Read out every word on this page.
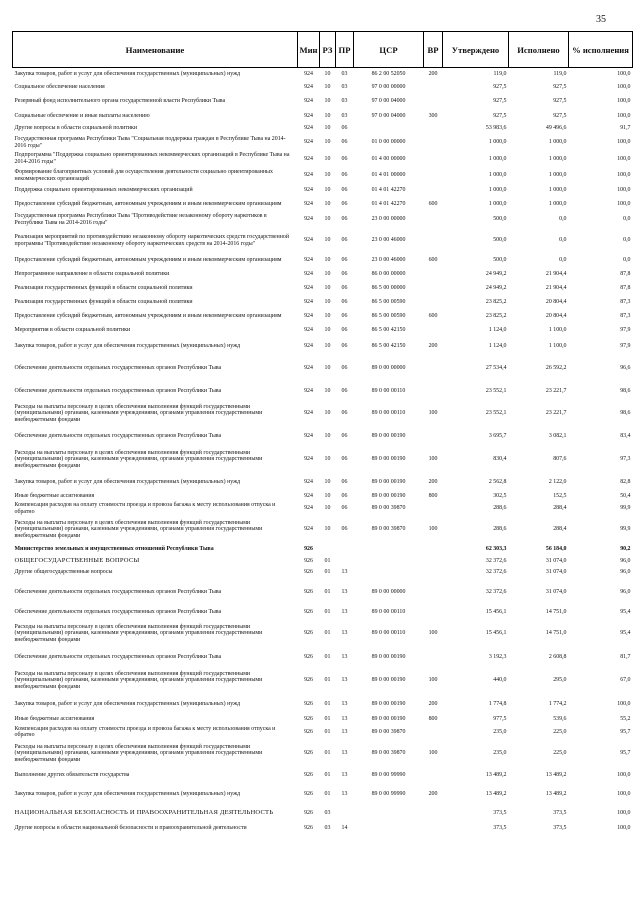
35
Наименование	Мин	РЗ	ПР	ЦСР	ВР	Утверждено	Исполнено	% исполнения
Закупка товаров, работ и услуг для обеспечения государственных (муниципальных) нужд	924	10	03	86 2 00 52050	200	119,0	119,0	100,0
Социальное обеспечение населения	924	10	03	97 0 00 00000		927,5	927,5	100,0
Резервный фонд исполнительного органа государственной власти Республики Тыва	924	10	03	97 0 00 04000		927,5	927,5	100,0
Социальные обеспечение и иные выплаты населению	924	10	03	97 0 00 04000	300	927,5	927,5	100,0
Другие вопросы в области социальной политики	924	10	06			53 983,6	49 496,6	91,7
Государственная программа Республики Тыва "Социальная поддержка граждан в Республике Тыва на 2014-2016 годы"	924	10	06	01 0 00 00000		1 000,0	1 000,0	100,0
Подпрограмма "Поддержка социально ориентированных некоммерческих организаций в Республике Тыва на 2014-2016 годы"	924	10	06	01 4 00 00000		1 000,0	1 000,0	100,0
Формирование благоприятных условий для осуществления деятельности социально ориентированных некоммерческих организаций	924	10	06	01 4 01 00000		1 000,0	1 000,0	100,0
Поддержка социально ориентированных некоммерческих организаций	924	10	06	01 4 01 42270		1 000,0	1 000,0	100,0
Предоставление субсидий бюджетным, автономным учреждениям и иным некоммерческим организациям	924	10	06	01 4 01 42270	600	1 000,0	1 000,0	100,0
Государственная программа Республики Тыва "Противодействие незаконному обороту наркотиков в Республике Тыва на 2014-2016 годы"	924	10	06	23 0 00 00000		500,0	0,0	0,0
Реализация мероприятий по противодействию незаконному обороту наркотических средств государственной программы "Противодействие незаконному обороту наркотических средств на 2014-2016 годы"	924	10	06	23 0 00 46000		500,0	0,0	0,0
Предоставление субсидий бюджетным, автономным учреждениям и иным некоммерческим организациям	924	10	06	23 0 00 46000	600	500,0	0,0	0,0
Непрограммное направление в области социальной политики	924	10	06	86 0 00 00000		24 949,2	21 904,4	87,8
Реализация государственных функций в области социальной политики	924	10	06	86 5 00 00000		24 949,2	21 904,4	87,8
Реализация государственных функций в области социальной политики	924	10	06	86 5 00 00590		23 825,2	20 804,4	87,3
Предоставление субсидий бюджетным, автономным учреждениям и иным некоммерческим организациям	924	10	06	86 5 00 00590	600	23 825,2	20 804,4	87,3
Мероприятия в области социальной политики	924	10	06	86 5 00 42150		1 124,0	1 100,0	97,9
Закупка товаров, работ и услуг для обеспечения государственных (муниципальных) нужд	924	10	06	86 5 00 42150	200	1 124,0	1 100,0	97,9
Обеспечение деятельности отдельных государственных органов Республики Тыва	924	10	06	89 0 00 00000		27 534,4	26 592,2	96,6
Обеспечение деятельности отдельных государственных органов Республики Тыва	924	10	06	89 0 00 00110		23 552,1	23 221,7	98,6
Расходы на выплаты персоналу в целях обеспечения выполнения функций государственными (муниципальными) органами, казенными учреждениями, органами управления государственными внебюджетными фондами	924	10	06	89 0 00 00110	100	23 552,1	23 221,7	98,6
Обеспечение деятельности отдельных государственных органов Республики Тыва	924	10	06	89 0 00 00190		3 695,7	3 082,1	83,4
Расходы на выплаты персоналу в целях обеспечения выполнения функций государственными (муниципальными) органами, казенными учреждениями, органами управления государственными внебюджетными фондами	924	10	06	89 0 00 00190	100	830,4	807,6	97,3
Закупка товаров, работ и услуг для обеспечения государственных (муниципальных) нужд	924	10	06	89 0 00 00190	200	2 562,8	2 122,0	82,8
Иные бюджетные ассигнования	924	10	06	89 0 00 00190	800	302,5	152,5	50,4
Компенсация расходов на оплату стоимости проезда и провоза багажа к месту использования отпуска и обратно	924	10	06	89 0 00 39870		288,6	288,4	99,9
Расходы на выплаты персоналу в целях обеспечения выполнения функций государственными (муниципальными) органами, казенными учреждениями, органами управления государственными внебюджетными фондами	924	10	06	89 0 00 39870	100	288,6	288,4	99,9
Министерство земельных и имущественных отношений Республики Тыва	926					62 303,3	56 184,0	90,2
ОБЩЕГОСУДАРСТВЕННЫЕ ВОПРОСЫ	926	01				32 372,6	31 074,0	96,0
Другие общегосударственные вопросы	926	01	13			32 372,6	31 074,0	96,0
Обеспечение деятельности отдельных государственных органов Республики Тыва	926	01	13	89 0 00 00000		32 372,6	31 074,0	96,0
Обеспечение деятельности отдельных государственных органов Республики Тыва	926	01	13	89 0 00 00110		15 456,1	14 751,0	95,4
Расходы на выплаты персоналу в целях обеспечения выполнения функций государственными (муниципальными) органами, казенными учреждениями, органами управления государственными внебюджетными фондами	926	01	13	89 0 00 00110	100	15 456,1	14 751,0	95,4
Обеспечение деятельности отдельных государственных органов Республики Тыва	926	01	13	89 0 00 00190		3 192,3	2 608,8	81,7
Расходы на выплаты персоналу в целях обеспечения выполнения функций государственными (муниципальными) органами, казенными учреждениями, органами управления государственными внебюджетными фондами	926	01	13	89 0 00 00190	100	440,0	295,0	67,0
Закупка товаров, работ и услуг для обеспечения государственных (муниципальных) нужд	926	01	13	89 0 00 00190	200	1 774,8	1 774,2	100,0
Иные бюджетные ассигнования	926	01	13	89 0 00 00190	800	977,5	539,6	55,2
Компенсация расходов на оплату стоимости проезда и провоза багажа к месту использования отпуска и обратно	926	01	13	89 0 00 39870		235,0	225,0	95,7
Расходы на выплаты персоналу в целях обеспечения выполнения функций государственными (муниципальными) органами, казенными учреждениями, органами управления государственными внебюджетными фондами	926	01	13	89 0 00 39870	100	235,0	225,0	95,7
Выполнение других обязательств государства	926	01	13	89 0 00 99990		13 489,2	13 489,2	100,0
Закупка товаров, работ и услуг для обеспечения государственных (муниципальных) нужд	926	01	13	89 0 00 99990	200	13 489,2	13 489,2	100,0
НАЦИОНАЛЬНАЯ БЕЗОПАСНОСТЬ И ПРАВООХРАНИТЕЛЬНАЯ ДЕЯТЕЛЬНОСТЬ	926	03				373,5	373,5	100,0
Другие вопросы в области национальной безопасности и правоохранительной деятельности	926	03	14			373,5	373,5	100,0
